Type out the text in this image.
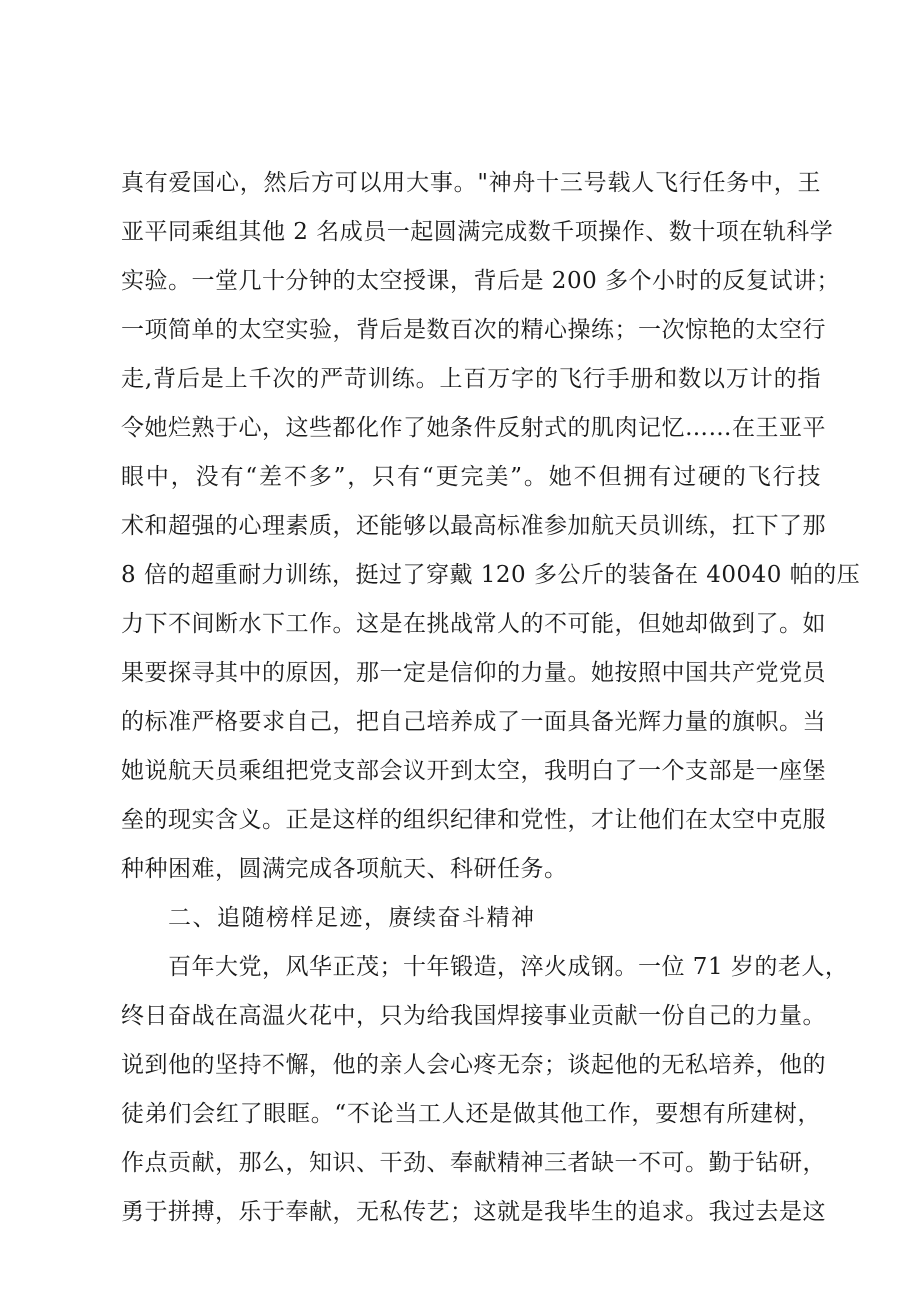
真有爱国心，然后方可以用大事。"神舟十三号载人飞行任务中，王
亚平同乘组其他 2 名成员一起圆满完成数千项操作、数十项在轨科学
实验。一堂几十分钟的太空授课，背后是 200 多个小时的反复试讲；
一项简单的太空实验，背后是数百次的精心操练；一次惊艳的太空行
走,背后是上千次的严苛训练。上百万字的飞行手册和数以万计的指
令她烂熟于心，这些都化作了她条件反射式的肌肉记忆……在王亚平
眼中，没有“差不多”，只有“更完美”。她不但拥有过硬的飞行技
术和超强的心理素质，还能够以最高标准参加航天员训练，扛下了那
8 倍的超重耐力训练，挺过了穿戴 120 多公斤的装备在 40040 帕的压
力下不间断水下工作。这是在挑战常人的不可能，但她却做到了。如
果要探寻其中的原因，那一定是信仰的力量。她按照中国共产党党员
的标准严格要求自己，把自己培养成了一面具备光辉力量的旗帜。当
她说航天员乘组把党支部会议开到太空，我明白了一个支部是一座堡
垒的现实含义。正是这样的组织纪律和党性，才让他们在太空中克服
种种困难，圆满完成各项航天、科研任务。
二、追随榜样足迹，赓续奋斗精神
百年大党，风华正茂；十年锻造，淬火成钢。一位 71 岁的老人，
终日奋战在高温火花中，只为给我国焊接事业贡献一份自己的力量。
说到他的坚持不懈，他的亲人会心疼无奈；谈起他的无私培养，他的
徒弟们会红了眼眶。“不论当工人还是做其他工作，要想有所建树，
作点贡献，那么，知识、干劲、奉献精神三者缺一不可。勤于钻研，
勇于拼搏，乐于奉献，无私传艺；这就是我毕生的追求。我过去是这
